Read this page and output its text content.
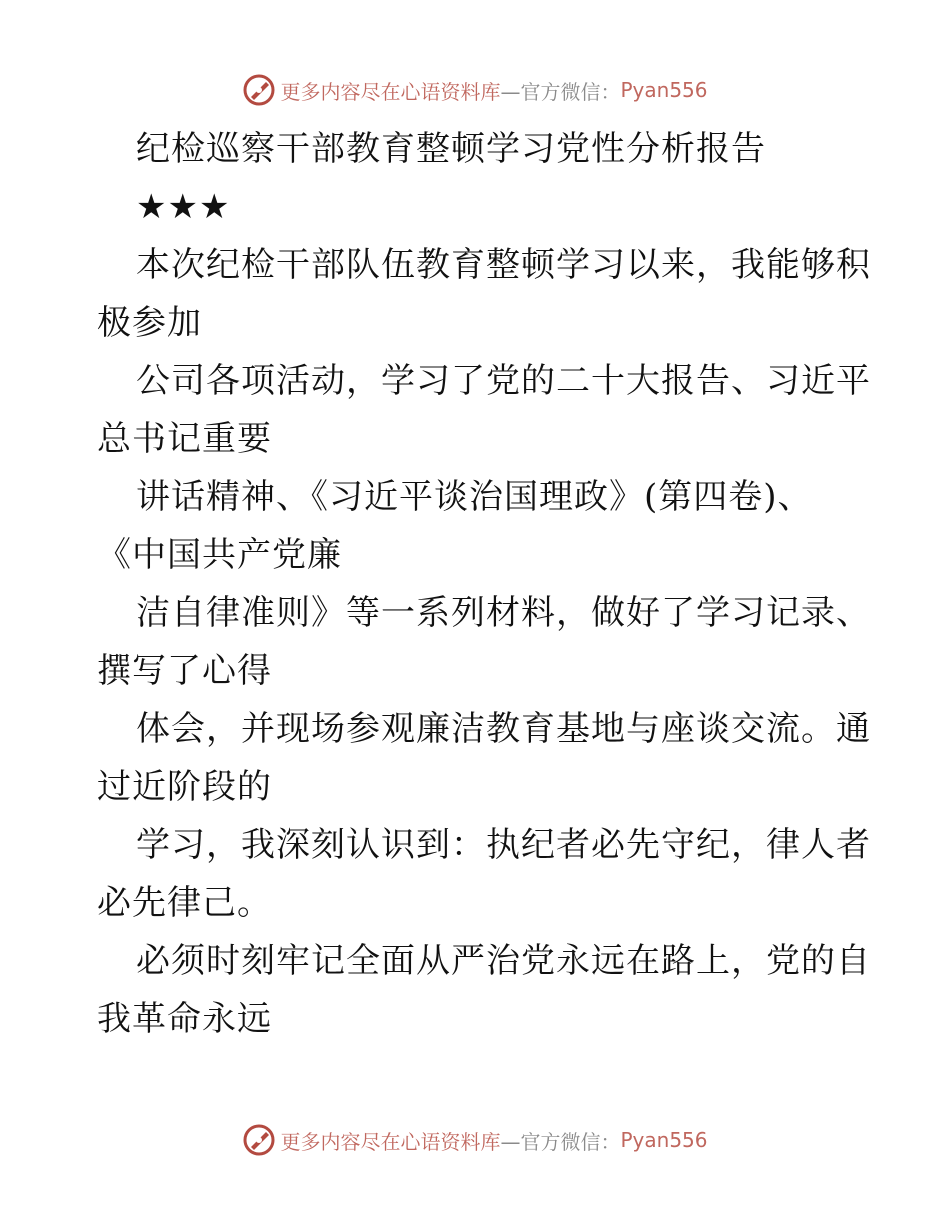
更多内容尽在心语资料库 —官方微信： Pyan556
纪检巡察干部教育整顿学习党性分析报告
★★★
本次纪检干部队伍教育整顿学习以来，我能够积
极参加
公司各项活动，学习了党的二十大报告、习近平
总书记重要
讲话精神、《习近平谈治国理政》(第四卷)、
《中国共产党廉
洁自律准则》等一系列材料，做好了学习记录、
撰写了心得
体会，并现场参观廉洁教育基地与座谈交流。通
过近阶段的
学习，我深刻认识到：执纪者必先守纪，律人者
必先律己。
必须时刻牢记全面从严治党永远在路上，党的自
我革命永远
更多内容尽在心语资料库 —官方微信： Pyan556
